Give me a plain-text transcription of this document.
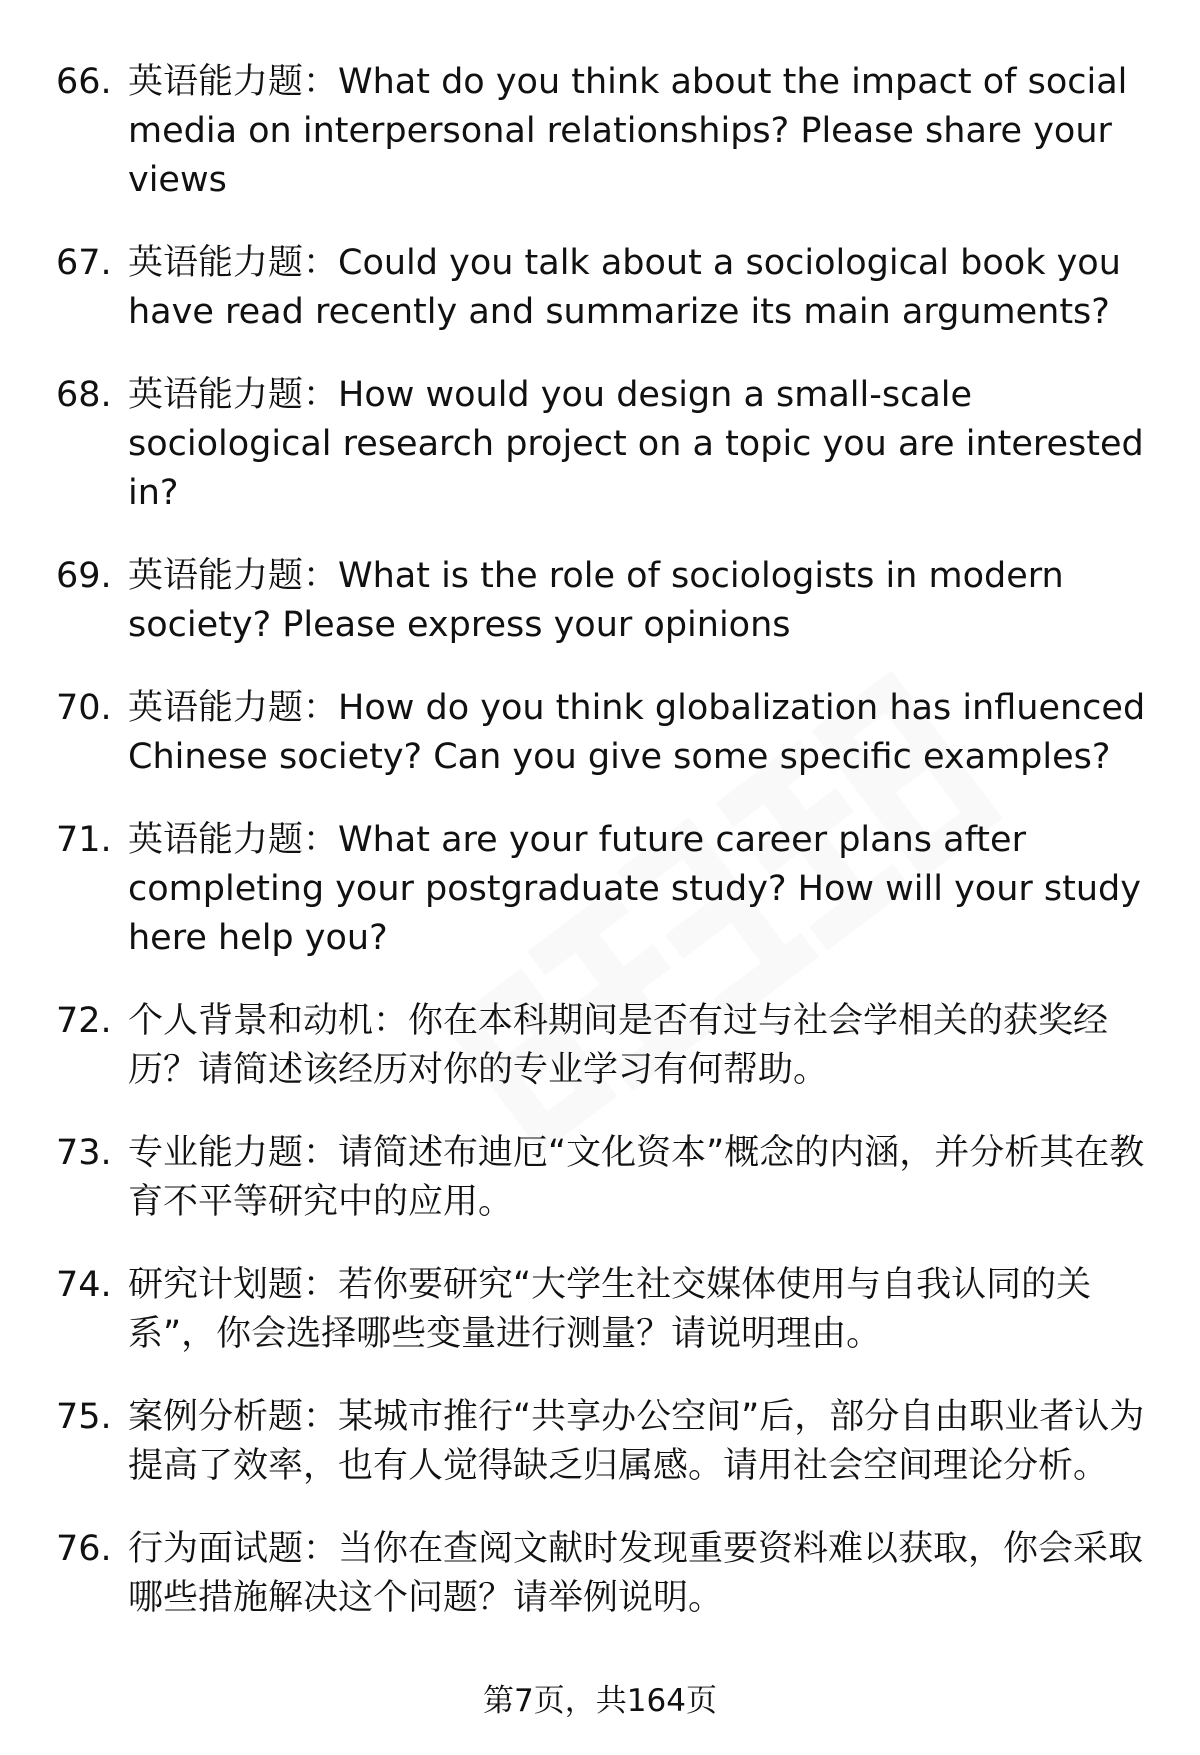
66. 英语能力题：What do you think about the impact of social media on interpersonal relationships? Please share your views
67. 英语能力题：Could you talk about a sociological book you have read recently and summarize its main arguments?
68. 英语能力题：How would you design a small-scale sociological research project on a topic you are interested in?
69. 英语能力题：What is the role of sociologists in modern society? Please express your opinions
70. 英语能力题：How do you think globalization has influenced Chinese society? Can you give some specific examples?
71. 英语能力题：What are your future career plans after completing your postgraduate study? How will your study here help you?
72. 个人背景和动机：你在本科期间是否有过与社会学相关的获奖经历？请简述该经历对你的专业学习有何帮助。
73. 专业能力题：请简述布迪厄“文化资本”概念的内涵，并分析其在教育不平等研究中的应用。
74. 研究计划题：若你要研究“大学生社交媒体使用与自我认同的关系”，你会选择哪些变量进行测量？请说明理由。
75. 案例分析题：某城市推行“共享办公空间”后，部分自由职业者认为提高了效率，也有人觉得缺乏归属感。请用社会空间理论分析。
76. 行为面试题：当你在查阅文献时发现重要资料难以获取，你会采取哪些措施解决这个问题？请举例说明。
第7页，共164页
